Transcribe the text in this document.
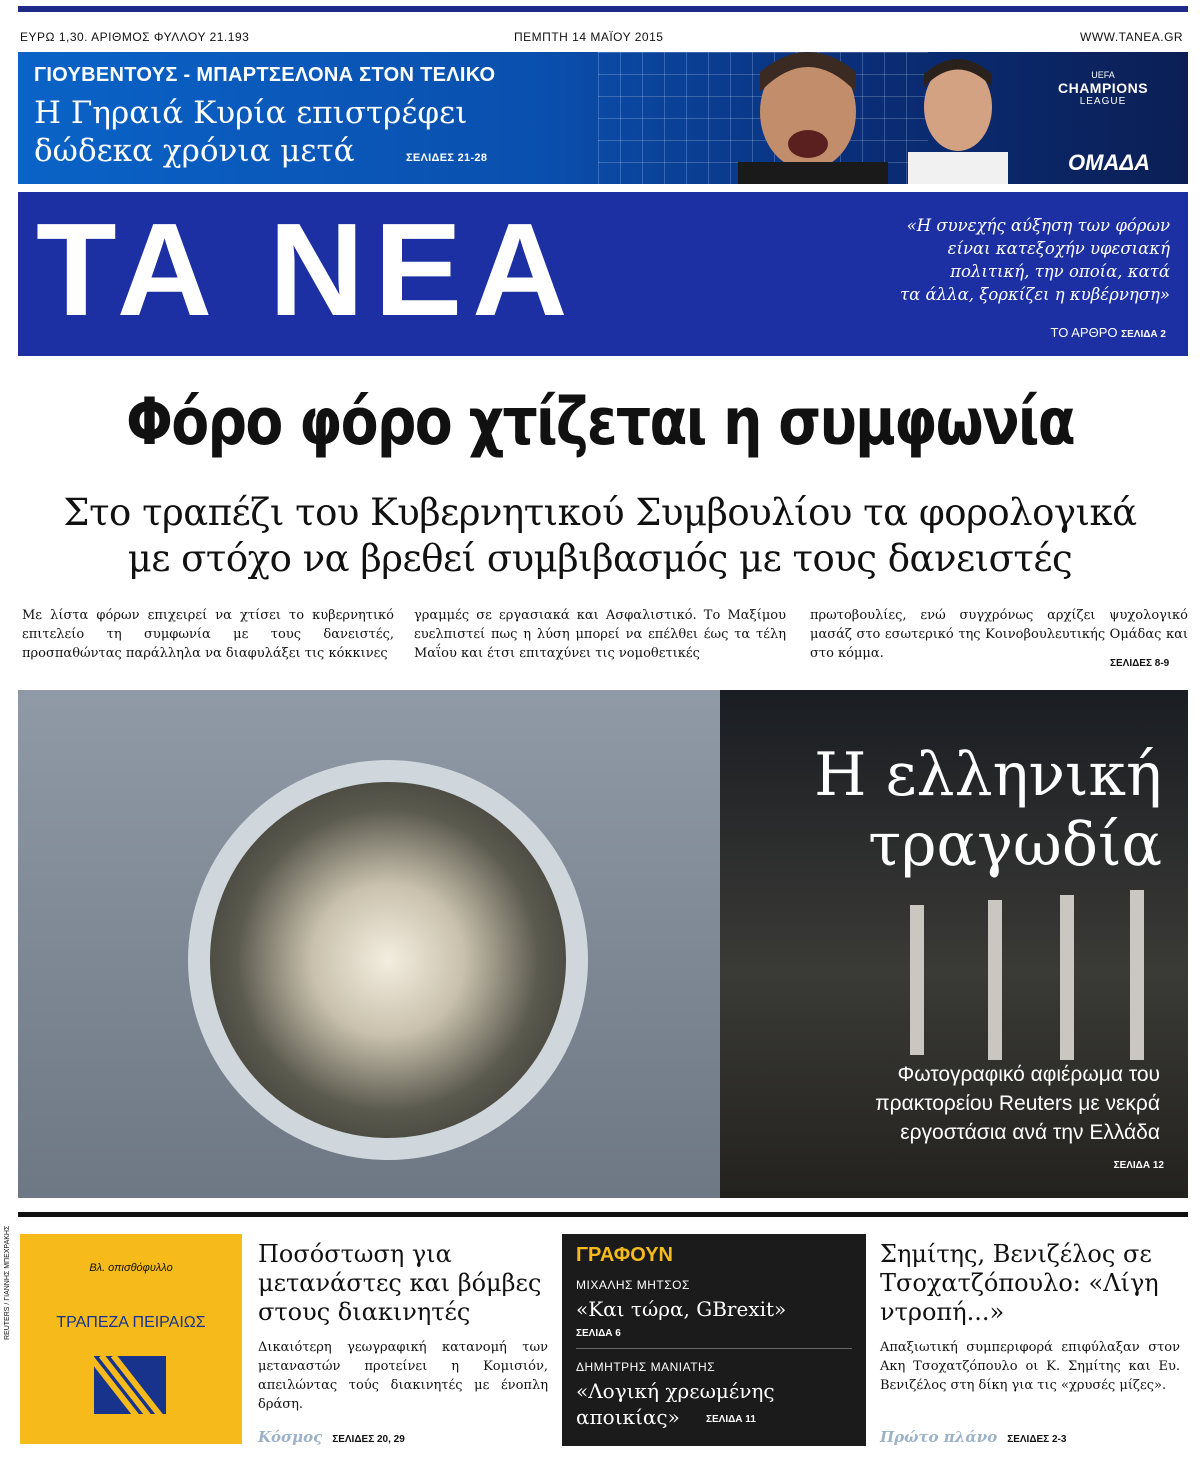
ΕΥΡΩ 1,30. ΑΡΙΘΜΟΣ ΦΥΛΛΟΥ 21.193	ΠΕΜΠΤΗ 14 ΜΑΪΟΥ 2015	WWW.TANEA.GR
ΓΙΟΥΒΕΝΤΟΥΣ - ΜΠΑΡΤΣΕΛΟΝΑ ΣΤΟΝ ΤΕΛΙΚΟ
Η Γηραιά Κυρία επιστρέφει
δώδεκα χρόνια μετά	ΣΕΛΙΔΕΣ 21-28
UEFA
CHAMPIONS
LEAGUE
ΟΜΑΔΑ
ΤΑ ΝΕΑ	«Η συνεχής αύξηση των φόρων
είναι κατεξοχήν υφεσιακή
πολιτική, την οποία, κατά
τα άλλα, ξορκίζει η κυβέρνηση»
ΤΟ ΑΡΘΡΟ ΣΕΛΙΔΑ 2
Φόρο φόρο χτίζεται η συμφωνία
Στο τραπέζι του Κυβερνητικού Συμβουλίου τα φορολογικά
με στόχο να βρεθεί συμβιβασμός με τους δανειστές

Με λίστα φόρων επιχειρεί να χτίσει το κυβερνητικό επιτελείο τη συμφωνία με τους δανειστές, προσπαθώντας παράλληλα να διαφυλάξει τις κόκκινες

γραμμές σε εργασιακά και Ασφαλιστικό. Το Μαξίμου ευελπιστεί πως η λύση μπορεί να επέλθει έως τα τέλη Μαΐου και έτσι επιταχύνει τις νομοθετικές

πρωτοβουλίες, ενώ συγχρόνως αρχίζει ψυχολογικό μασάζ στο εσωτερικό της Κοινοβουλευτικής Ομάδας και στο κόμμα.

ΣΕΛΙΔΕΣ 8-9
Η ελληνική
τραγωδία
Φωτογραφικό αφιέρωμα του πρακτορείου Reuters με νεκρά εργοστάσια ανά την Ελλάδα
ΣΕΛΙΔΑ 12
REUTERS / ΓΙΑΝΝΗΣ ΜΠΕΧΡΑΚΗΣ	Βλ. οπισθόφυλλο
ΤΡΑΠΕΖΑ ΠΕΙΡΑΙΩΣ
Ποσόστωση για μετανάστες και βόμβες στους διακινητές

Δικαιότερη γεωγραφική κατανομή των μεταναστών προτείνει η Κομισιόν, απειλώντας τούς διακινητές με ένοπλη δράση.

Κόσμος ΣΕΛΙΔΕΣ 20, 29
ΓΡΑΦΟΥΝ
ΜΙΧΑΛΗΣ ΜΗΤΣΟΣ
«Και τώρα, GBrexit»
ΣΕΛΙΔΑ 6
ΔΗΜΗΤΡΗΣ ΜΑΝΙΑΤΗΣ
«Λογική χρεωμένης
αποικίας»	ΣΕΛΙΔΑ 11
Σημίτης, Βενιζέλος σε Τσοχατζόπουλο: «Λίγη ντροπή...»

Απαξιωτική συμπεριφορά επιφύλαξαν στον Ακη Τσοχατζόπουλο οι Κ. Σημίτης και Ευ. Βενιζέλος στη δίκη για τις «χρυσές μίζες».

Πρώτο πλάνο ΣΕΛΙΔΕΣ 2-3
